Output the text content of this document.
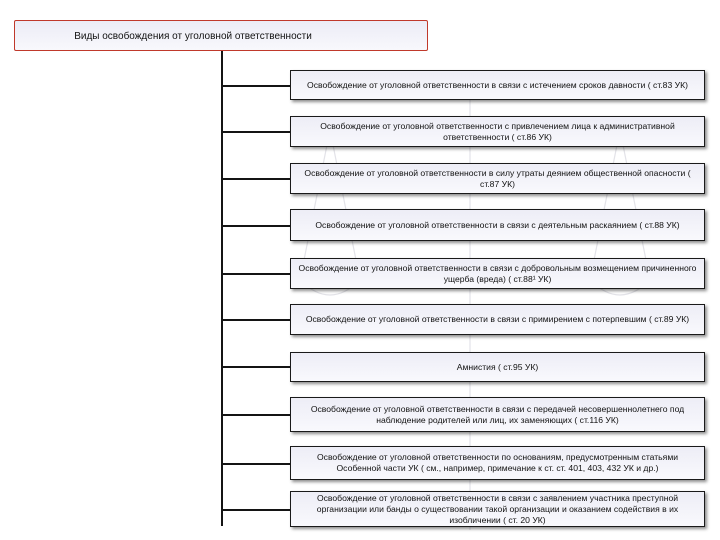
Виды освобождения от уголовной ответственности
Освобождение от уголовной ответственности в связи с истечением сроков давности ( ст.83 УК)
Освобождение от уголовной ответственности с привлечением лица к административной ответственности ( ст.86 УК)
Освобождение от уголовной ответственности в силу утраты деянием общественной опасности ( ст.87 УК)
Освобождение от уголовной ответственности в связи с деятельным раскаянием ( ст.88 УК)
Освобождение от уголовной ответственности в связи с добровольным возмещением причиненного ущерба (вреда) ( ст.88¹ УК)
Освобождение от уголовной ответственности в связи с примирением с потерпевшим ( ст.89 УК)
Амнистия ( ст.95 УК)
Освобождение от уголовной ответственности в связи с передачей несовершеннолетнего под наблюдение родителей или лиц, их заменяющих ( ст.116 УК)
Освобождение от уголовной ответственности по основаниям, предусмотренным статьями Особенной части УК ( см., например, примечание к ст. ст. 401, 403, 432 УК и др.)
Освобождение от уголовной ответственности в связи с заявлением участника преступной организации или банды о существовании такой организации и оказанием содействия в их изобличении ( ст. 20 УК)
